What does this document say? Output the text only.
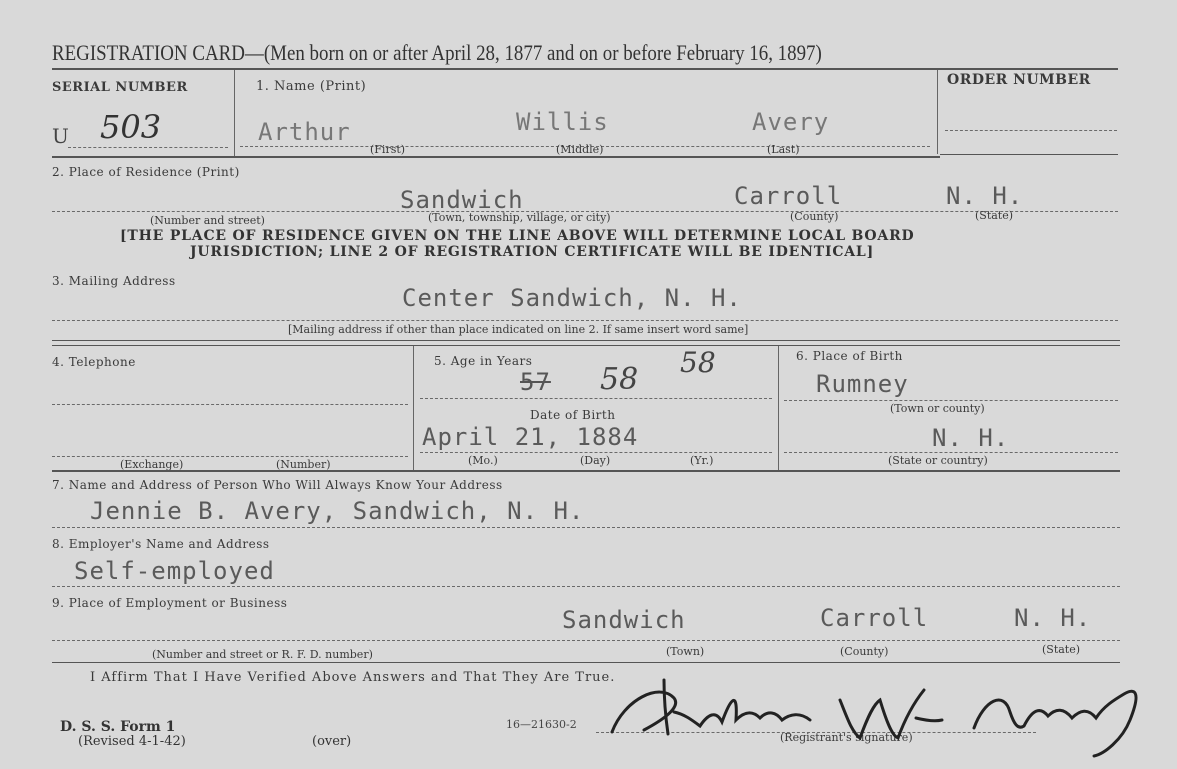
REGISTRATION CARD—(Men born on or after April 28, 1877 and on or before February 16, 1897)
SERIAL NUMBER	1. Name (Print)	ORDER NUMBER
U 503	Arthur	Willis	Avery
(First)	(Middle)	(Last)
2. Place of Residence (Print)
Sandwich	Carroll	N. H.
(Number and street)	(Town, township, village, or city)	(County)	(State)
[THE PLACE OF RESIDENCE GIVEN ON THE LINE ABOVE WILL DETERMINE LOCAL BOARD
JURISDICTION; LINE 2 OF REGISTRATION CERTIFICATE WILL BE IDENTICAL]
3. Mailing Address
Center Sandwich, N. H.
[Mailing address if other than place indicated on line 2. If same insert word same]
4. Telephone
(Exchange)	(Number)
5. Age in Years
57 58 58
Date of Birth
April 21, 1884
(Mo.)	(Day)	(Yr.)
6. Place of Birth
Rumney
(Town or county)
N. H.
(State or country)
7. Name and Address of Person Who Will Always Know Your Address
Jennie B. Avery, Sandwich, N. H.
8. Employer's Name and Address
Self-employed
9. Place of Employment or Business
Sandwich	Carroll	N. H.
(Number and street or R. F. D. number)	(Town)	(County)	(State)
I Affirm That I Have Verified Above Answers and That They Are True.
D. S. S. Form 1
(Revised 4-1-42)	(over)
16—21630-2
(Registrant's signature)
